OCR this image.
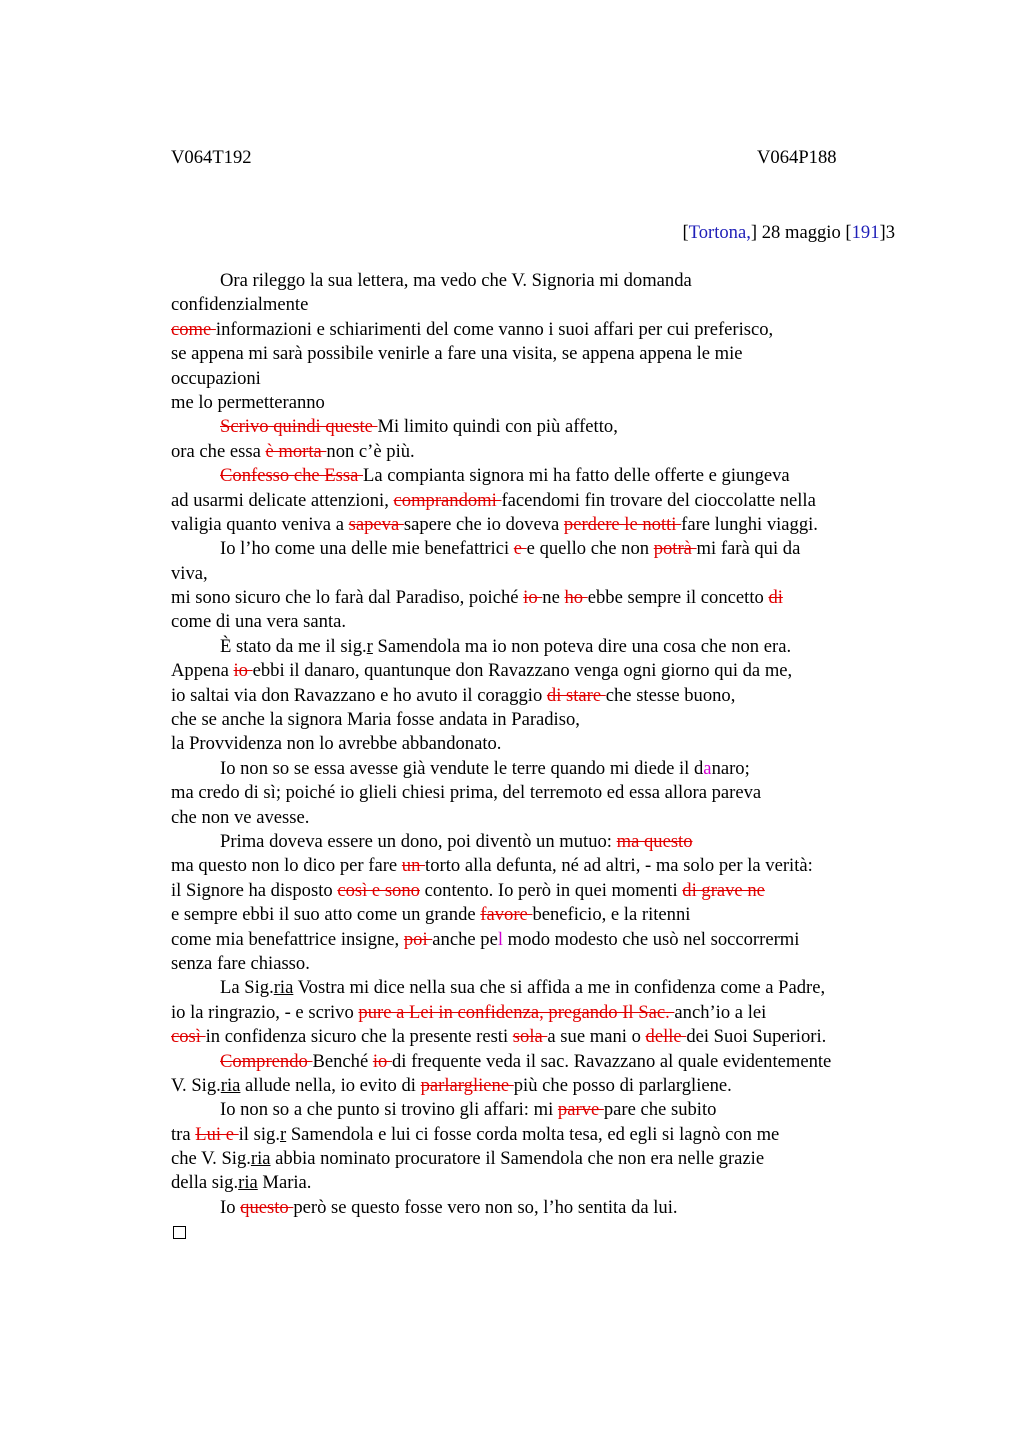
V064T192	V064P188
[Tortona,] 28 maggio [191]3
Ora rileggo la sua lettera, ma vedo che V. Signoria mi domanda
confidenzialmente
come informazioni e schiarimenti del come vanno i suoi affari per cui preferisco,
se appena mi sarà possibile venirle a fare una visita, se appena appena le mie
occupazioni
me lo permetteranno
Scrivo quindi queste Mi limito quindi con più affetto,
ora che essa è morta non c’è più.
Confesso che Essa La compianta signora mi ha fatto delle offerte e giungeva
ad usarmi delicate attenzioni, comprandomi facendomi fin trovare del cioccolatte nella
valigia quanto veniva a sapeva sapere che io doveva perdere le notti fare lunghi viaggi.
Io l’ho come una delle mie benefattrici e e quello che non potrà mi farà qui da
viva,
mi sono sicuro che lo farà dal Paradiso, poiché io ne ho ebbe sempre il concetto di
come di una vera santa.
È stato da me il sig.r Samendola ma io non poteva dire una cosa che non era.
Appena io ebbi il danaro, quantunque don Ravazzano venga ogni giorno qui da me,
io saltai via don Ravazzano e ho avuto il coraggio di stare che stesse buono,
che se anche la signora Maria fosse andata in Paradiso,
la Provvidenza non lo avrebbe abbandonato.
Io non so se essa avesse già vendute le terre quando mi diede il danaro;
ma credo di sì; poiché io glieli chiesi prima, del terremoto ed essa allora pareva
che non ve avesse.
Prima doveva essere un dono, poi diventò un mutuo: ma questo
ma questo non lo dico per fare un torto alla defunta, né ad altri, - ma solo per la verità:
il Signore ha disposto così e sono contento. Io però in quei momenti di grave ne
e sempre ebbi il suo atto come un grande favore beneficio, e la ritenni
come mia benefattrice insigne, poi anche pel modo modesto che usò nel soccorrermi
senza fare chiasso.
La Sig.ria Vostra mi dice nella sua che si affida a me in confidenza come a Padre,
io la ringrazio, - e scrivo pure a Lei in confidenza, pregando Il Sac. anch’io a lei
così in confidenza sicuro che la presente resti sola a sue mani o delle dei Suoi Superiori.
Comprendo Benché io di frequente veda il sac. Ravazzano al quale evidentemente
V. Sig.ria allude nella, io evito di parlargliene più che posso di parlargliene.
Io non so a che punto si trovino gli affari: mi parve pare che subito
tra Lui e il sig.r Samendola e lui ci fosse corda molta tesa, ed egli si lagnò con me
che V. Sig.ria abbia nominato procuratore il Samendola che non era nelle grazie
della sig.ria Maria.
Io questo però se questo fosse vero non so, l’ho sentita da lui.
